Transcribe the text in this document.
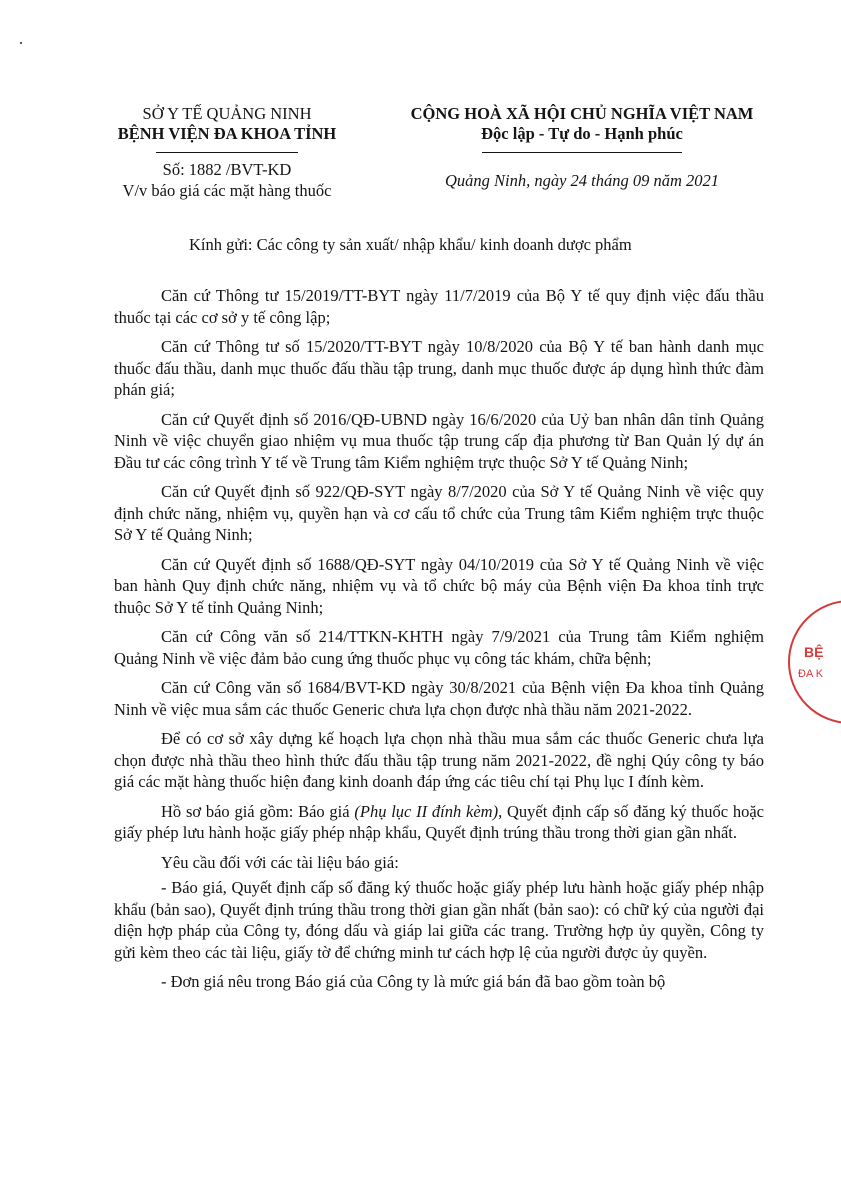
SỞ Y TẾ QUẢNG NINH
BỆNH VIỆN ĐA KHOA TỈNH
Số: 1882 /BVT-KD
V/v báo giá các mặt hàng thuốc
CỘNG HOÀ XÃ HỘI CHỦ NGHĨA VIỆT NAM
Độc lập - Tự do - Hạnh phúc
Quảng Ninh, ngày 24 tháng 09 năm 2021
Kính gửi: Các công ty sản xuất/ nhập khẩu/ kinh doanh dược phẩm

Căn cứ Thông tư 15/2019/TT-BYT ngày 11/7/2019 của Bộ Y tế quy định việc đấu thầu thuốc tại các cơ sở y tế công lập;

Căn cứ Thông tư số 15/2020/TT-BYT ngày 10/8/2020 của Bộ Y tế ban hành danh mục thuốc đấu thầu, danh mục thuốc đấu thầu tập trung, danh mục thuốc được áp dụng hình thức đàm phán giá;

Căn cứ Quyết định số 2016/QĐ-UBND ngày 16/6/2020 của Uỷ ban nhân dân tỉnh Quảng Ninh về việc chuyển giao nhiệm vụ mua thuốc tập trung cấp địa phương từ Ban Quản lý dự án Đầu tư các công trình Y tế về Trung tâm Kiểm nghiệm trực thuộc Sở Y tế Quảng Ninh;

Căn cứ Quyết định số 922/QĐ-SYT ngày 8/7/2020 của Sở Y tế Quảng Ninh về việc quy định chức năng, nhiệm vụ, quyền hạn và cơ cấu tổ chức của Trung tâm Kiểm nghiệm trực thuộc Sở Y tế Quảng Ninh;

Căn cứ Quyết định số 1688/QĐ-SYT ngày 04/10/2019 của Sở Y tế Quảng Ninh về việc ban hành Quy định chức năng, nhiệm vụ và tổ chức bộ máy của Bệnh viện Đa khoa tỉnh trực thuộc Sở Y tế tỉnh Quảng Ninh;

Căn cứ Công văn số 214/TTKN-KHTH ngày 7/9/2021 của Trung tâm Kiểm nghiệm Quảng Ninh về việc đảm bảo cung ứng thuốc phục vụ công tác khám, chữa bệnh;

Căn cứ Công văn số 1684/BVT-KD ngày 30/8/2021 của Bệnh viện Đa khoa tỉnh Quảng Ninh về việc mua sắm các thuốc Generic chưa lựa chọn được nhà thầu năm 2021-2022.

Để có cơ sở xây dựng kế hoạch lựa chọn nhà thầu mua sắm các thuốc Generic chưa lựa chọn được nhà thầu theo hình thức đấu thầu tập trung năm 2021-2022, đề nghị Qúy công ty báo giá các mặt hàng thuốc hiện đang kinh doanh đáp ứng các tiêu chí tại Phụ lục I đính kèm.

Hồ sơ báo giá gồm: Báo giá (Phụ lục II đính kèm), Quyết định cấp số đăng ký thuốc hoặc giấy phép lưu hành hoặc giấy phép nhập khẩu, Quyết định trúng thầu trong thời gian gần nhất.

Yêu cầu đối với các tài liệu báo giá:

- Báo giá, Quyết định cấp số đăng ký thuốc hoặc giấy phép lưu hành hoặc giấy phép nhập khẩu (bản sao), Quyết định trúng thầu trong thời gian gần nhất (bản sao): có chữ ký của người đại diện hợp pháp của Công ty, đóng dấu và giáp lai giữa các trang. Trường hợp ủy quyền, Công ty gửi kèm theo các tài liệu, giấy tờ để chứng minh tư cách hợp lệ của người được ủy quyền.

- Đơn giá nêu trong Báo giá của Công ty là mức giá bán đã bao gồm toàn bộ

BỆ
ĐA K
